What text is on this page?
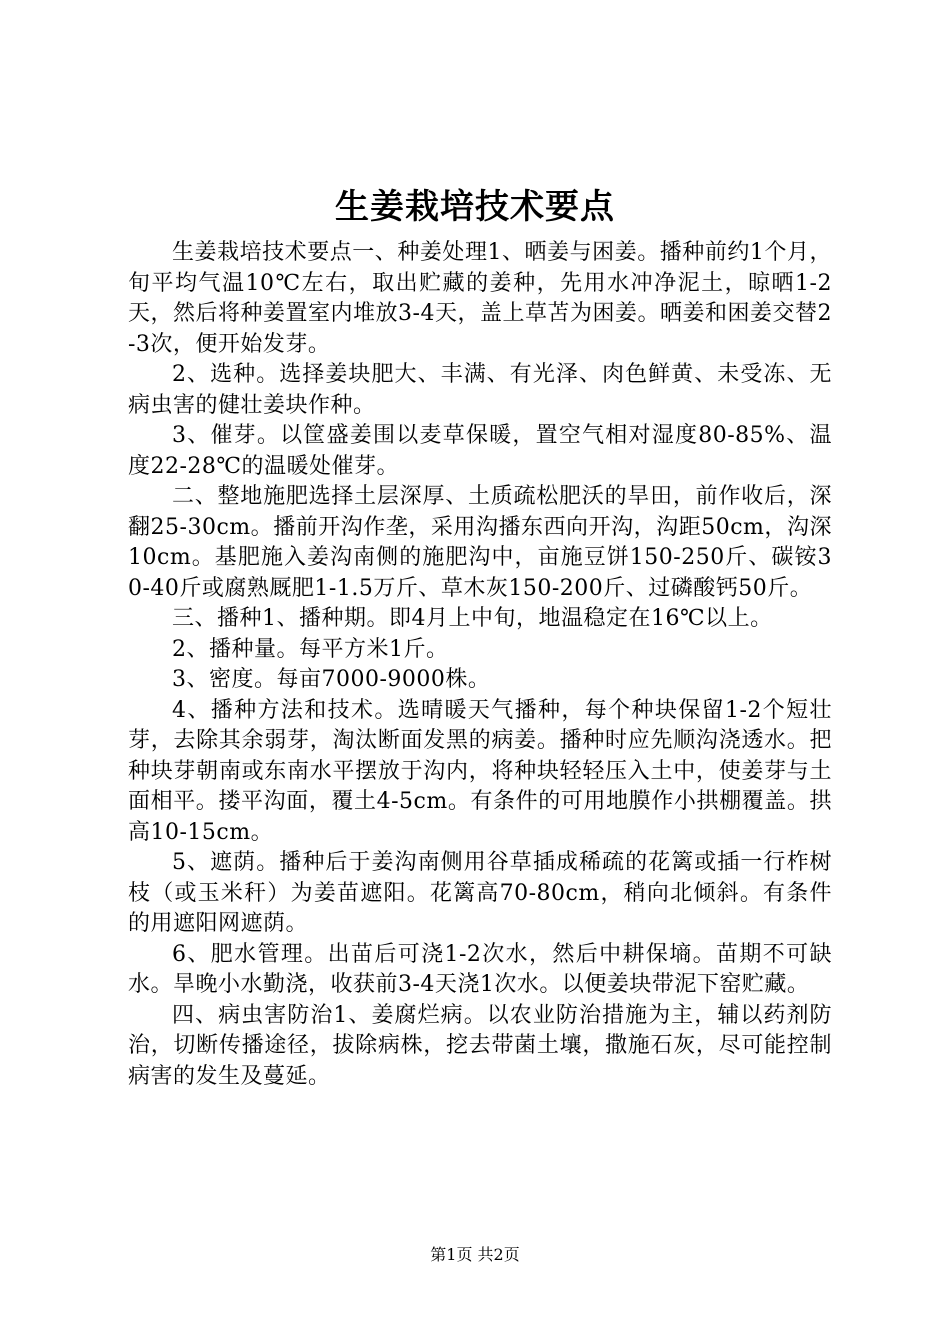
生姜栽培技术要点

生姜栽培技术要点一、种姜处理1、晒姜与困姜。播种前约1个月，旬平均气温10℃左右，取出贮藏的姜种，先用水冲净泥土，晾晒1-2天，然后将种姜置室内堆放3-4天，盖上草苫为困姜。晒姜和困姜交替2-3次，便开始发芽。

2、选种。选择姜块肥大、丰满、有光泽、肉色鲜黄、未受冻、无病虫害的健壮姜块作种。

3、催芽。以筐盛姜围以麦草保暖，置空气相对湿度80-85%、温度22-28℃的温暖处催芽。

二、整地施肥选择土层深厚、土质疏松肥沃的旱田，前作收后，深翻25-30cm。播前开沟作垄，采用沟播东西向开沟，沟距50cm，沟深10cm。基肥施入姜沟南侧的施肥沟中，亩施豆饼150-250斤、碳铵30-40斤或腐熟厩肥1-1.5万斤、草木灰150-200斤、过磷酸钙50斤。

三、播种1、播种期。即4月上中旬，地温稳定在16℃以上。

2、播种量。每平方米1斤。

3、密度。每亩7000-9000株。

4、播种方法和技术。选晴暖天气播种，每个种块保留1-2个短壮芽，去除其余弱芽，淘汰断面发黑的病姜。播种时应先顺沟浇透水。把种块芽朝南或东南水平摆放于沟内，将种块轻轻压入土中，使姜芽与土面相平。搂平沟面，覆土4-5cm。有条件的可用地膜作小拱棚覆盖。拱高10-15cm。

5、遮荫。播种后于姜沟南侧用谷草插成稀疏的花篱或插一行柞树枝（或玉米秆）为姜苗遮阳。花篱高70-80cm，稍向北倾斜。有条件的用遮阳网遮荫。

6、肥水管理。出苗后可浇1-2次水，然后中耕保墒。苗期不可缺水。旱晚小水勤浇，收获前3-4天浇1次水。以便姜块带泥下窑贮藏。

四、病虫害防治1、姜腐烂病。以农业防治措施为主，辅以药剂防治，切断传播途径，拔除病株，挖去带菌土壤，撒施石灰，尽可能控制病害的发生及蔓延。

第1页 共2页
